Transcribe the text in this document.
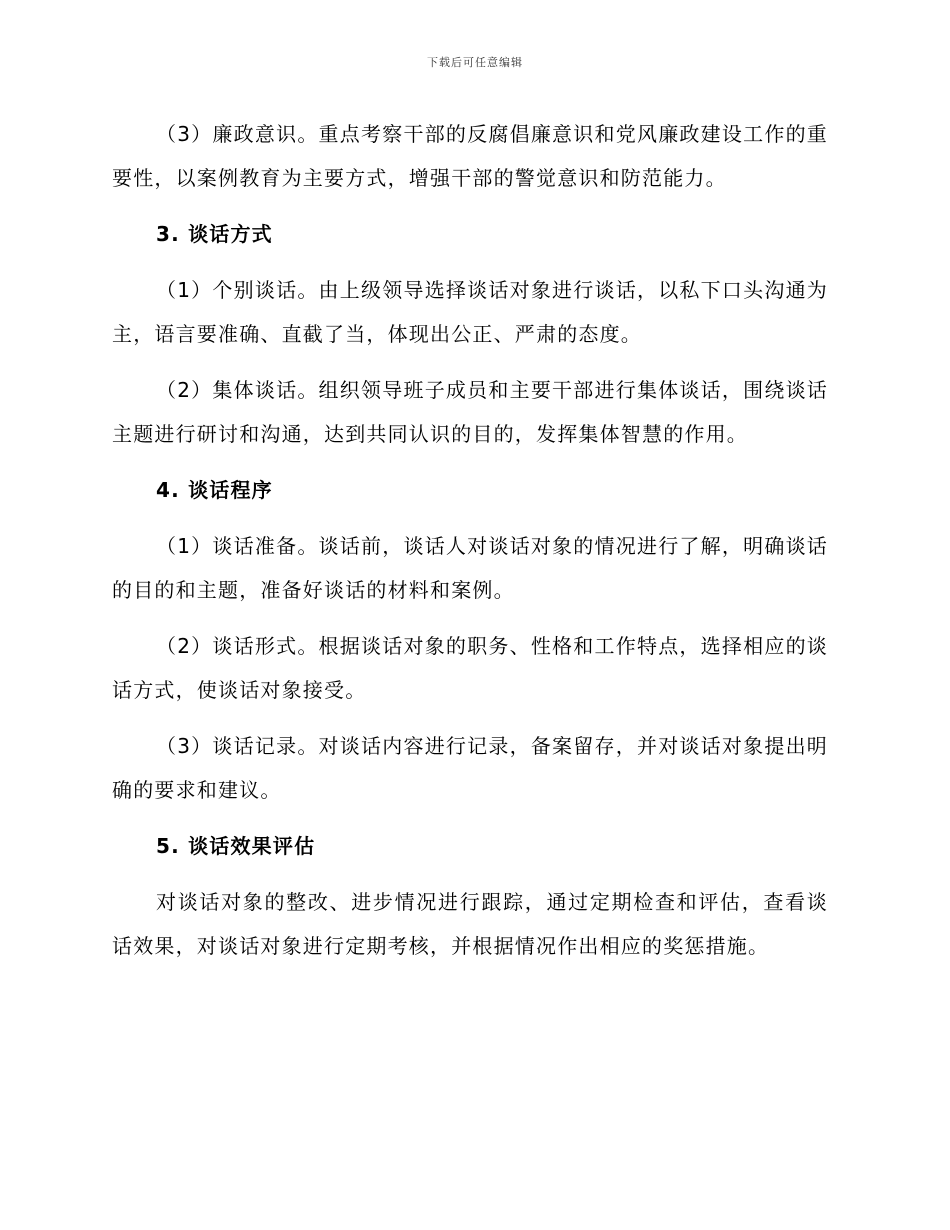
下载后可任意编辑

（3）廉政意识。重点考察干部的反腐倡廉意识和党风廉政建设工作的重要性，以案例教育为主要方式，增强干部的警觉意识和防范能力。

3. 谈话方式

（1）个别谈话。由上级领导选择谈话对象进行谈话，以私下口头沟通为主，语言要准确、直截了当，体现出公正、严肃的态度。

（2）集体谈话。组织领导班子成员和主要干部进行集体谈话，围绕谈话主题进行研讨和沟通，达到共同认识的目的，发挥集体智慧的作用。

4. 谈话程序

（1）谈话准备。谈话前，谈话人对谈话对象的情况进行了解，明确谈话的目的和主题，准备好谈话的材料和案例。

（2）谈话形式。根据谈话对象的职务、性格和工作特点，选择相应的谈话方式，使谈话对象接受。

（3）谈话记录。对谈话内容进行记录，备案留存，并对谈话对象提出明确的要求和建议。

5. 谈话效果评估

对谈话对象的整改、进步情况进行跟踪，通过定期检查和评估，查看谈话效果，对谈话对象进行定期考核，并根据情况作出相应的奖惩措施。
